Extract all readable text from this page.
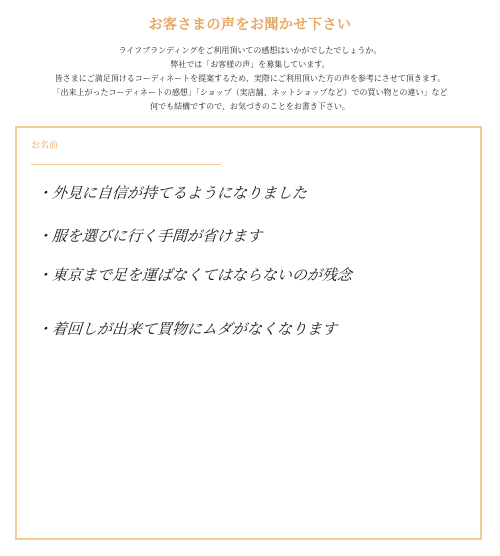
お客さまの声をお聞かせ下さい
ライフブランディングをご利用頂いての感想はいかがでしたでしょうか。
弊社では「お客様の声」を募集しています。
皆さまにご満足頂けるコーディネートを提案するため、実際にご利用頂いた方の声を参考にさせて頂きます。
「出来上がったコーディネートの感想」「ショップ（実店舗、ネットショップなど）での買い物との違い」など
何でも結構ですので、お気づきのことをお書き下さい。
お名前
・外見に自信が持てるようになりました
・服を選びに行く手間が省けます
・東京まで足を運ばなくてはならないのが残念
・着回しが出来て買物にムダがなくなります
